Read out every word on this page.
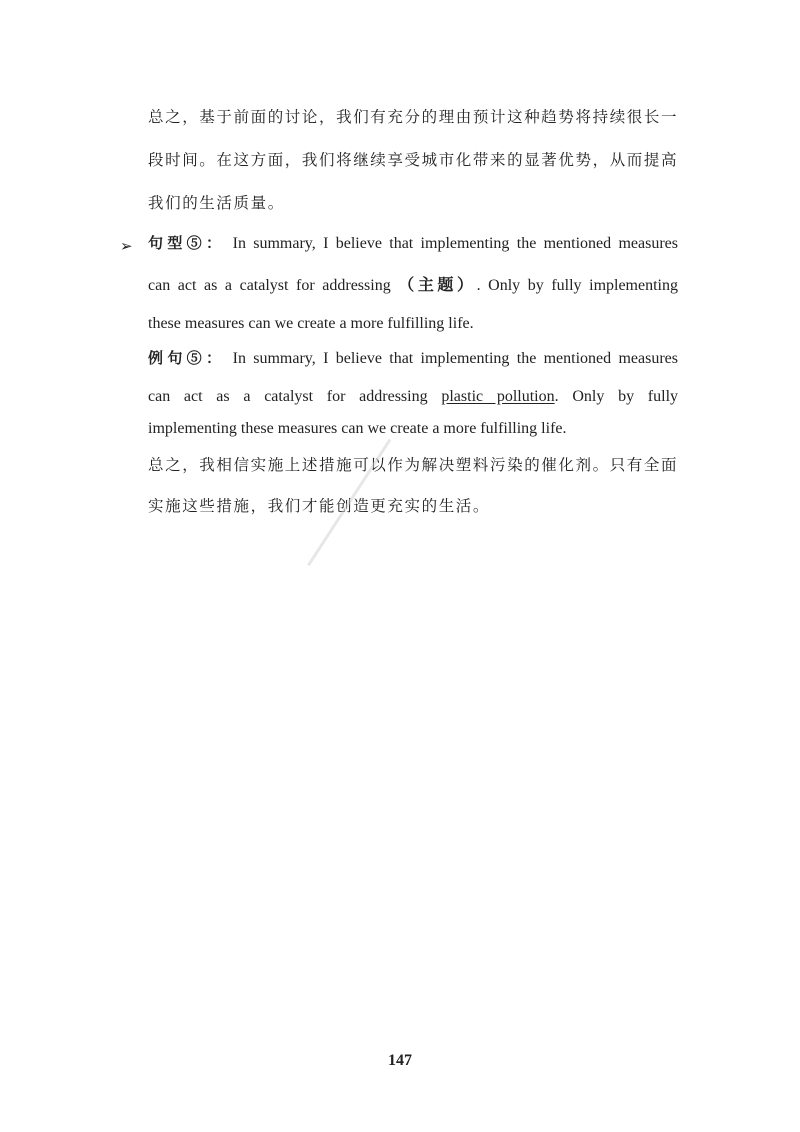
总之，基于前面的讨论，我们有充分的理由预计这种趋势将持续很长一
段时间。在这方面，我们将继续享受城市化带来的显著优势，从而提高
我们的生活质量。
➢ 句型⑤： In summary, I believe that implementing the mentioned measures
can act as a catalyst for addressing （主题）. Only by fully implementing
these measures can we create a more fulfilling life.
例句⑤： In summary, I believe that implementing the mentioned measures
can act as a catalyst for addressing plastic pollution. Only by fully
implementing these measures can we create a more fulfilling life.
总之，我相信实施上述措施可以作为解决塑料污染的催化剂。只有全面
实施这些措施，我们才能创造更充实的生活。
147
